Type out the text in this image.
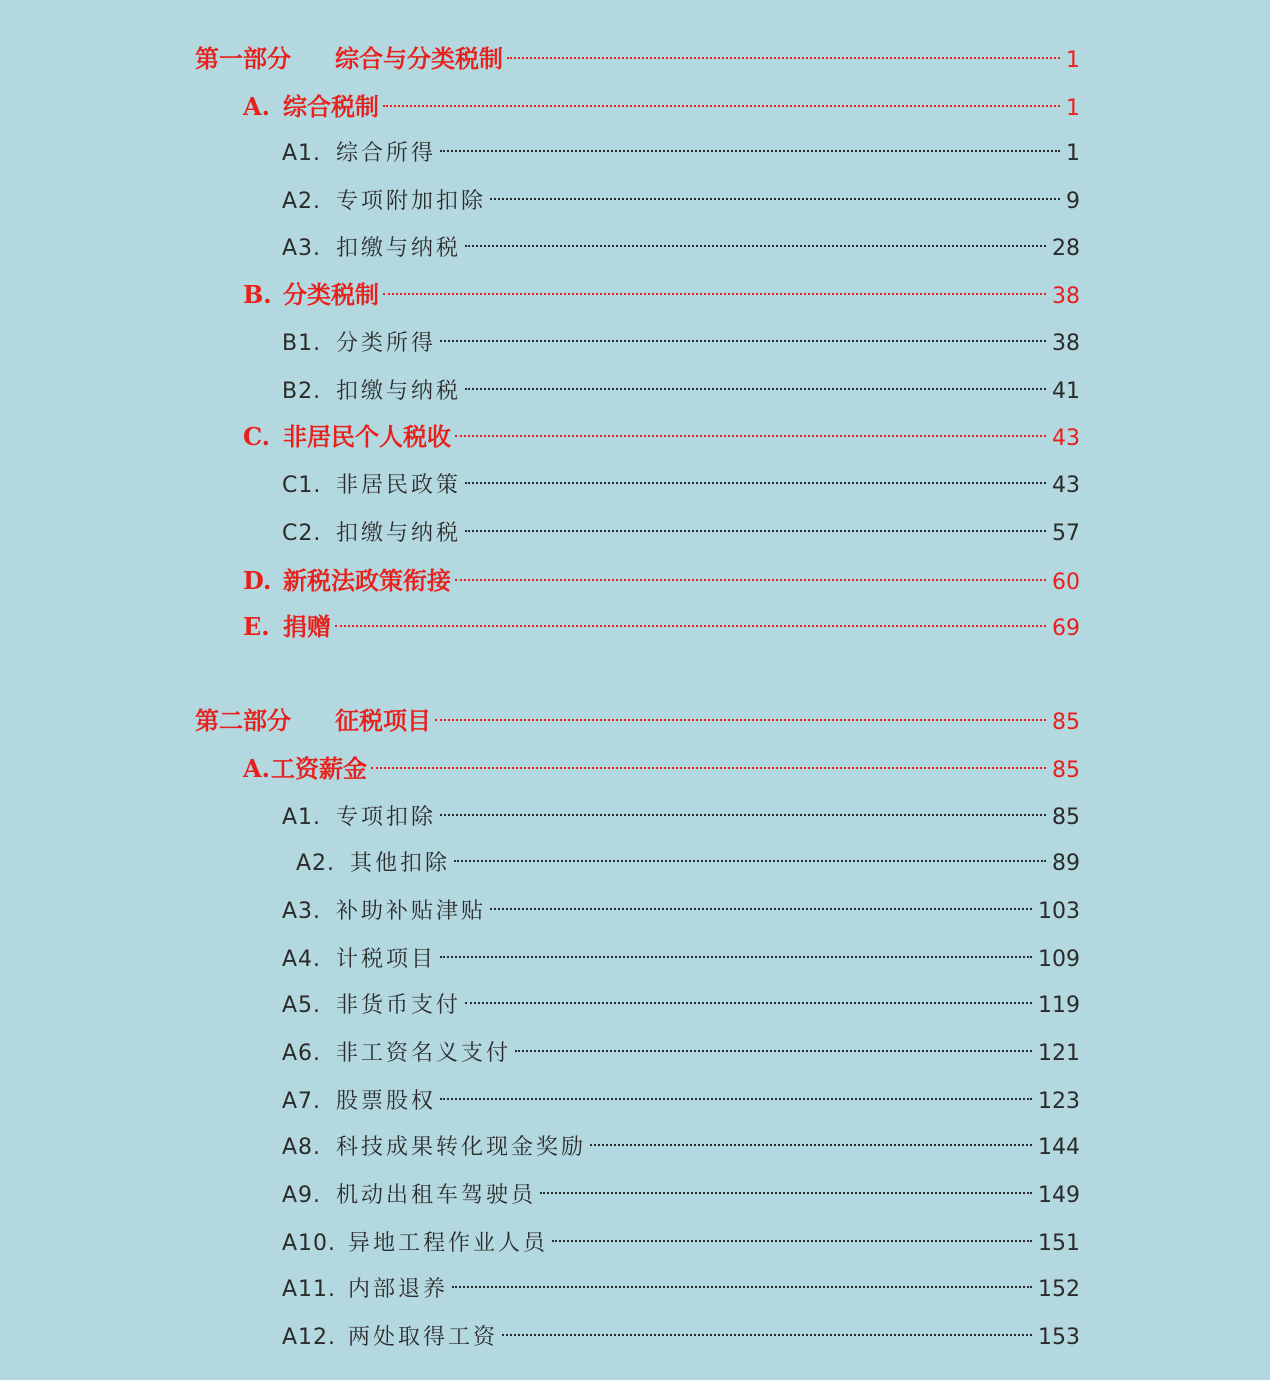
第一部分	综合与分类税制	1
A. 综合税制	1
A1. 综合所得	1
A2. 专项附加扣除	9
A3. 扣缴与纳税	28
B. 分类税制	38
B1. 分类所得	38
B2. 扣缴与纳税	41
C. 非居民个人税收	43
C1. 非居民政策	43
C2. 扣缴与纳税	57
D. 新税法政策衔接	60
E. 捐赠	69
第二部分	征税项目	85
A. 工资薪金	85
A1. 专项扣除	85
A2. 其他扣除	89
A3. 补助补贴津贴	103
A4. 计税项目	109
A5. 非货币支付	119
A6. 非工资名义支付	121
A7. 股票股权	123
A8. 科技成果转化现金奖励	144
A9. 机动出租车驾驶员	149
A10. 异地工程作业人员	151
A11. 内部退养	152
A12. 两处取得工资	153
